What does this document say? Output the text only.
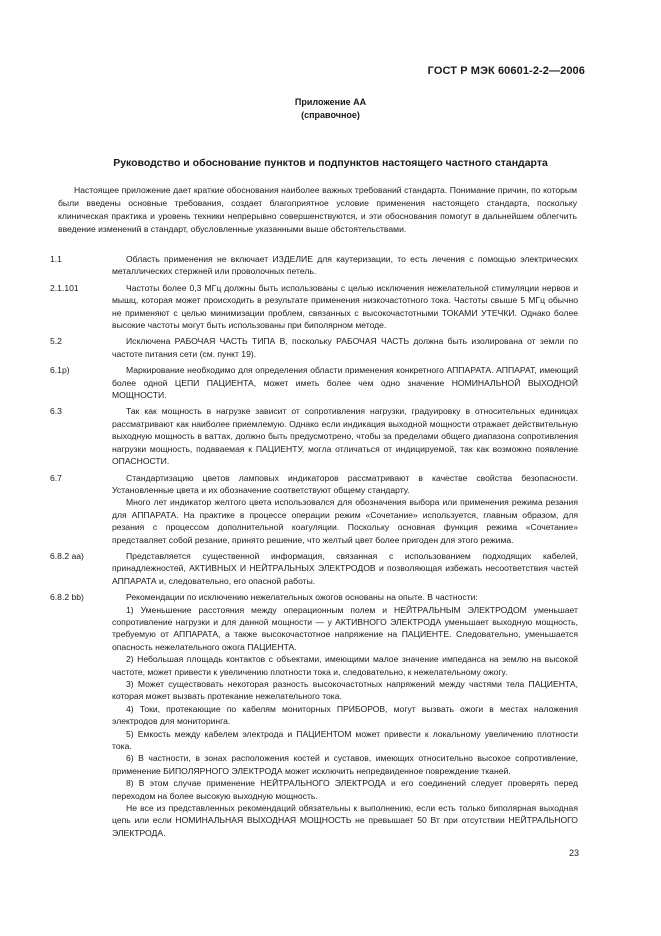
ГОСТ Р МЭК 60601-2-2—2006
Приложение АА
(справочное)
Руководство и обоснование пунктов и подпунктов настоящего частного стандарта
Настоящее приложение дает краткие обоснования наиболее важных требований стандарта. Понимание причин, по которым были введены основные требования, создает благоприятное условие применения настоящего стандарта, поскольку клиническая практика и уровень техники непрерывно совершенствуются, и эти обоснования помогут в дальнейшем облегчить введение изменений в стандарт, обусловленные указанными выше обстоятельствами.
1.1	Область применения не включает ИЗДЕЛИЕ для каутеризации, то есть лечения с помощью электрических металлических стержней или проволочных петель.

2.1.101	Частоты более 0,3 МГц должны быть использованы с целью исключения нежелательной стимуляции нервов и мышц, которая может происходить в результате применения низкочастотного тока. Частоты свыше 5 МГц обычно не применяют с целью минимизации проблем, связанных с высокочастотными ТОКАМИ УТЕЧКИ. Однако более высокие частоты могут быть использованы при биполярном методе.

5.2	Исключена РАБОЧАЯ ЧАСТЬ ТИПА В, поскольку РАБОЧАЯ ЧАСТЬ должна быть изолирована от земли по частоте питания сети (см. пункт 19).

6.1p)	Маркирование необходимо для определения области применения конкретного АППАРАТА. АППАРАТ, имеющий более одной ЦЕПИ ПАЦИЕНТА, может иметь более чем одно значение НОМИНАЛЬНОЙ ВЫХОДНОЙ МОЩНОСТИ.

6.3	Так как мощность в нагрузке зависит от сопротивления нагрузки, градуировку в относительных единицах рассматривают как наиболее приемлемую. Однако если индикация выходной мощности отражает действительную выходную мощность в ваттах, должно быть предусмотрено, чтобы за пределами общего диапазона сопротивления нагрузки мощность, подаваемая к ПАЦИЕНТУ, могла отличаться от индицируемой, так как возможно появление ОПАСНОСТИ.

6.7	Стандартизацию цветов ламповых индикаторов рассматривают в качестве свойства безопасности. Установленные цвета и их обозначение соответствуют общему стандарту.

Много лет индикатор желтого цвета использовался для обозначения выбора или применения режима резания для АППАРАТА. На практике в процессе операции режим «Сочетание» используется, главным образом, для резания с процессом дополнительной коагуляции. Поскольку основная функция режима «Сочетание» представляет собой резание, принято решение, что желтый цвет более пригоден для этого режима.

6.8.2 аа)	Представляется существенной информация, связанная с использованием подходящих кабелей, принадлежностей, АКТИВНЫХ И НЕЙТРАЛЬНЫХ ЭЛЕКТРОДОВ и позволяющая избежать несоответствия частей АППАРАТА и, следовательно, его опасной работы.

6.8.2 bb)	Рекомендации по исключению нежелательных ожогов основаны на опыте. В частности:

1) Уменьшение расстояния между операционным полем и НЕЙТРАЛЬНЫМ ЭЛЕКТРОДОМ уменьшает сопротивление нагрузки и для данной мощности — у АКТИВНОГО ЭЛЕКТРОДА уменьшает выходную мощность, требуемую от АППАРАТА, а также высокочастотное напряжение на ПАЦИЕНТЕ. Следовательно, уменьшается опасность нежелательного ожога ПАЦИЕНТА.

2) Небольшая площадь контактов с объектами, имеющими малое значение импеданса на землю на высокой частоте, может привести к увеличению плотности тока и, следовательно, к нежелательному ожогу.

3) Может существовать некоторая разность высокочастотных напряжений между частями тела ПАЦИЕНТА, которая может вызвать протекание нежелательного тока.

4) Токи, протекающие по кабелям мониторных ПРИБОРОВ, могут вызвать ожоги в местах наложения электродов для мониторинга.

5) Емкость между кабелем электрода и ПАЦИЕНТОМ может привести к локальному увеличению плотности тока.

6) В частности, в зонах расположения костей и суставов, имеющих относительно высокое сопротивление, применение БИПОЛЯРНОГО ЭЛЕКТРОДА может исключить непредвиденное повреждение тканей.

8) В этом случае применение НЕЙТРАЛЬНОГО ЭЛЕКТРОДА и его соединений следует проверять перед переходом на более высокую выходную мощность.

Не все из представленных рекомендаций обязательны к выполнению, если есть только биполярная выходная цепь или если НОМИНАЛЬНАЯ ВЫХОДНАЯ МОЩНОСТЬ не превышает 50 Вт при отсутствии НЕЙТРАЛЬНОГО ЭЛЕКТРОДА.

23
